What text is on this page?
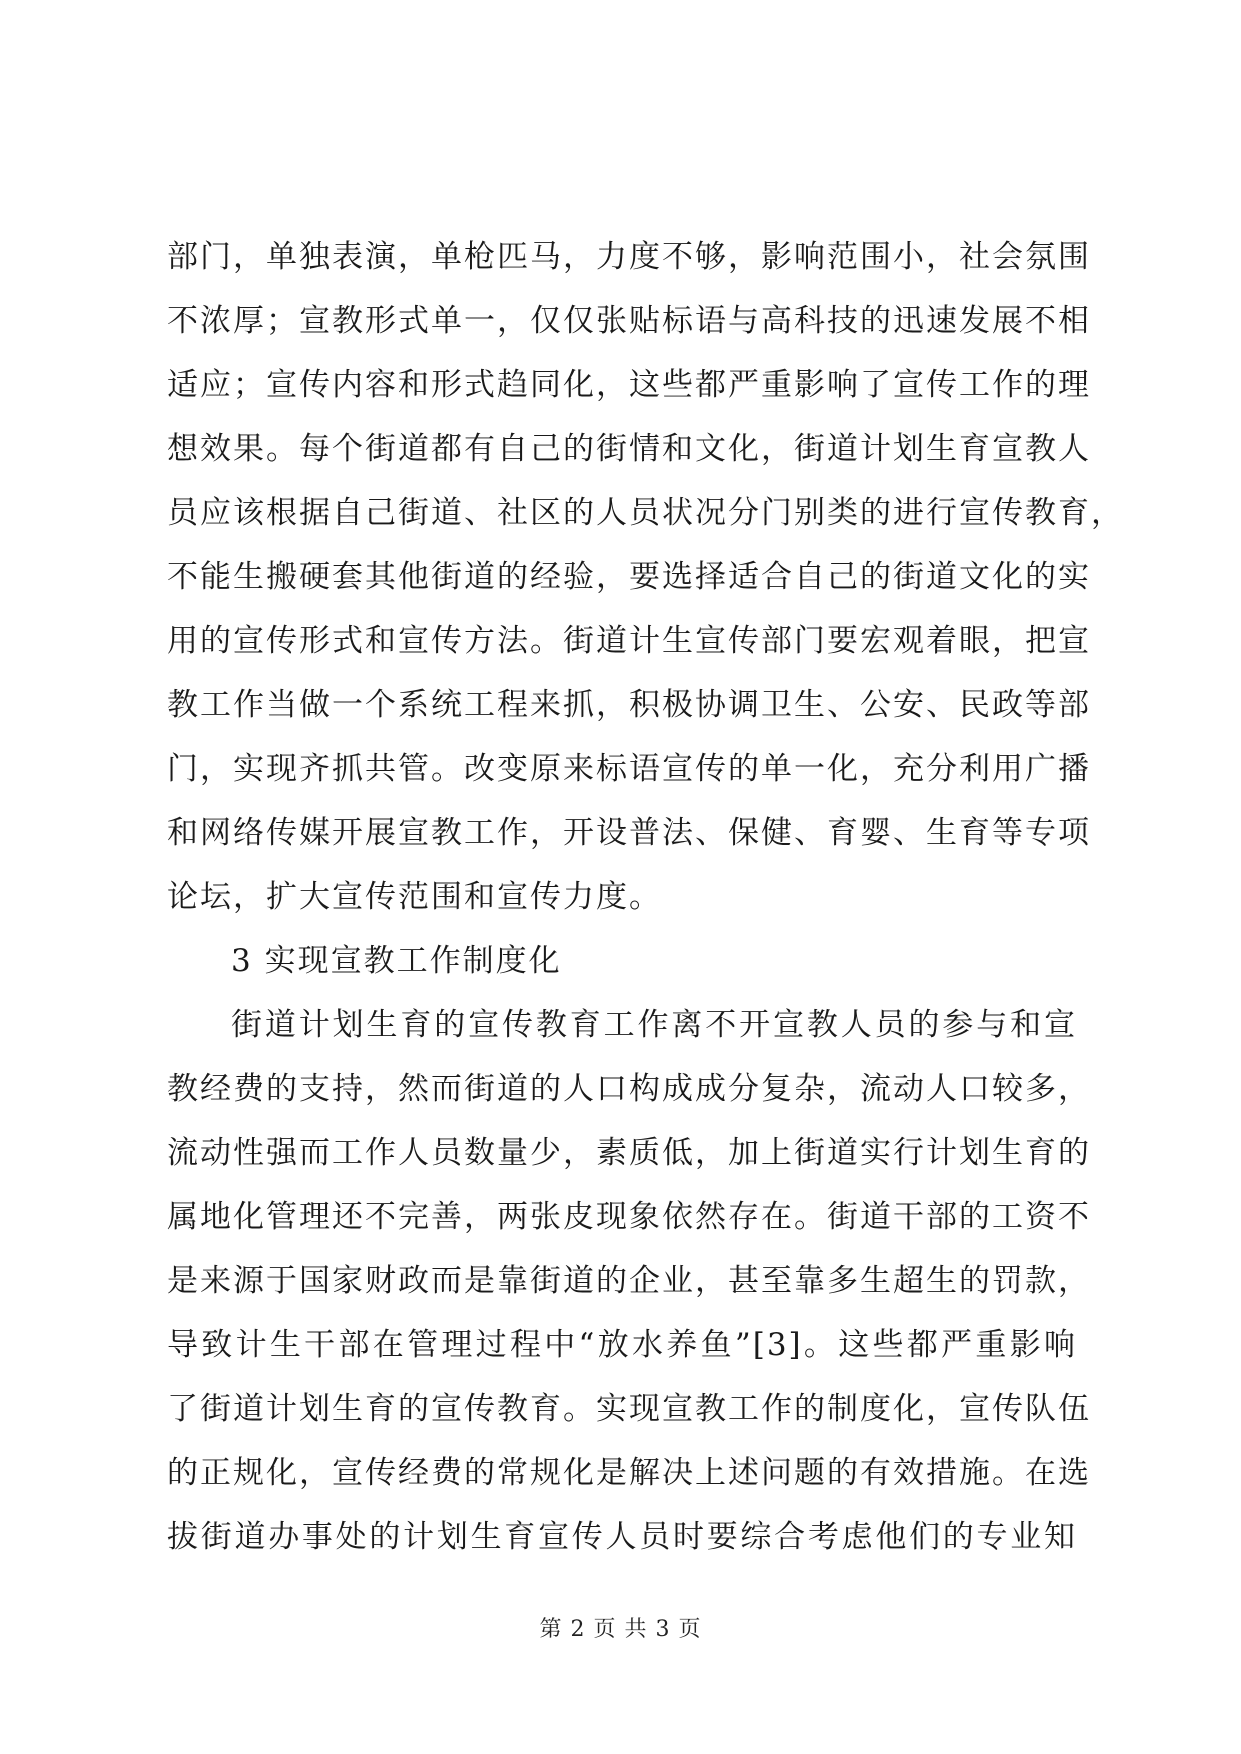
部门，单独表演，单枪匹马，力度不够，影响范围小，社会氛围
不浓厚；宣教形式单一，仅仅张贴标语与高科技的迅速发展不相
适应；宣传内容和形式趋同化，这些都严重影响了宣传工作的理
想效果。每个街道都有自己的街情和文化，街道计划生育宣教人
员应该根据自己街道、社区的人员状况分门别类的进行宣传教育，
不能生搬硬套其他街道的经验，要选择适合自己的街道文化的实
用的宣传形式和宣传方法。街道计生宣传部门要宏观着眼，把宣
教工作当做一个系统工程来抓，积极协调卫生、公安、民政等部
门，实现齐抓共管。改变原来标语宣传的单一化，充分利用广播
和网络传媒开展宣教工作，开设普法、保健、育婴、生育等专项
论坛，扩大宣传范围和宣传力度。
3 实现宣教工作制度化
街道计划生育的宣传教育工作离不开宣教人员的参与和宣
教经费的支持，然而街道的人口构成成分复杂，流动人口较多，
流动性强而工作人员数量少，素质低，加上街道实行计划生育的
属地化管理还不完善，两张皮现象依然存在。街道干部的工资不
是来源于国家财政而是靠街道的企业，甚至靠多生超生的罚款，
导致计生干部在管理过程中“放水养鱼”[3]。这些都严重影响
了街道计划生育的宣传教育。实现宣教工作的制度化，宣传队伍
的正规化，宣传经费的常规化是解决上述问题的有效措施。在选
拔街道办事处的计划生育宣传人员时要综合考虑他们的专业知
第 2 页 共 3 页
